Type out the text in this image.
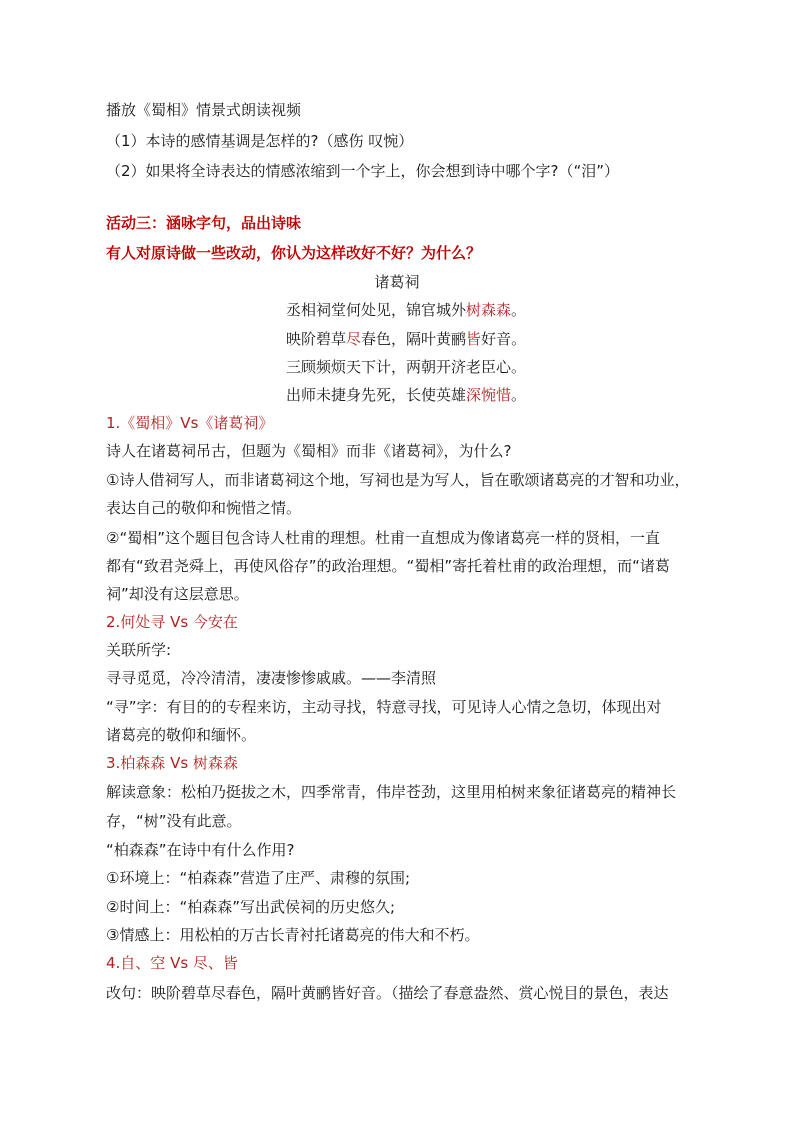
播放《蜀相》情景式朗读视频
（1）本诗的感情基调是怎样的?（感伤 叹惋）
（2）如果将全诗表达的情感浓缩到一个字上，你会想到诗中哪个字?（“泪”）
活动三：涵咏字句，品出诗味
有人对原诗做一些改动，你认为这样改好不好？为什么？
诸葛祠
丞相祠堂何处见，锦官城外树森森。
映阶碧草尽春色，隔叶黄鹂皆好音。
三顾频烦天下计，两朝开济老臣心。
出师未捷身先死，长使英雄深惋惜。
1.《蜀相》Vs《诸葛祠》
诗人在诸葛祠吊古，但题为《蜀相》而非《诸葛祠》，为什么?
①诗人借祠写人，而非诸葛祠这个地，写祠也是为写人，旨在歌颂诸葛亮的才智和功业，
表达自己的敬仰和惋惜之情。
②“蜀相”这个题目包含诗人杜甫的理想。杜甫一直想成为像诸葛亮一样的贤相，一直
都有“致君尧舜上，再使风俗存”的政治理想。“蜀相”寄托着杜甫的政治理想，而“诸葛
祠”却没有这层意思。
2.何处寻 Vs 今安在
关联所学:
寻寻觅觅，冷冷清清，凄凄惨惨戚戚。——李清照
“寻”字：有目的的专程来访，主动寻找，特意寻找，可见诗人心情之急切，体现出对
诸葛亮的敬仰和缅怀。
3.柏森森 Vs 树森森
解读意象：松柏乃挺拔之木，四季常青，伟岸苍劲，这里用柏树来象征诸葛亮的精神长
存，“树”没有此意。
“柏森森”在诗中有什么作用?
①环境上：“柏森森”营造了庄严、肃穆的氛围;
②时间上：“柏森森”写出武侯祠的历史悠久;
③情感上：用松柏的万古长青衬托诸葛亮的伟大和不朽。
4.自、空 Vs 尽、皆
改句：映阶碧草尽春色，隔叶黄鹂皆好音。（描绘了春意盎然、赏心悦目的景色，表达
